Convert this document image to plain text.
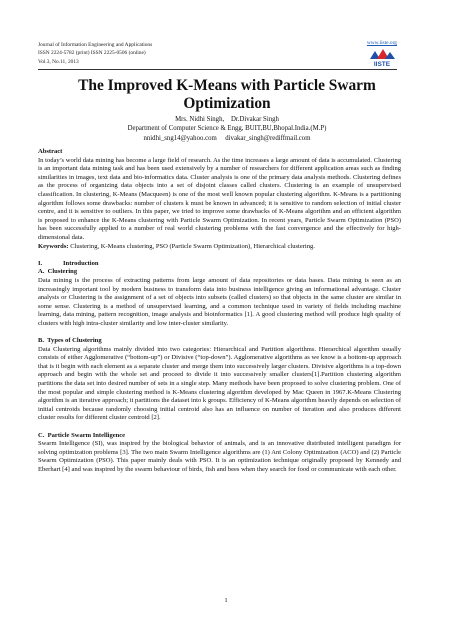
Journal of Information Engineering and Applications
ISSN 2224-5782 (print) ISSN 2225-0506 (online)
Vol.3, No.11, 2013
www.iiste.org
IISTE
The Improved K-Means with Particle Swarm
Optimization
Mrs. Nidhi Singh,    Dr.Divakar Singh
Department of Computer Science & Engg, BUIT,BU,Bhopal.India.(M.P)
nnidhi_sng14@yahoo.com     divakar_singh@rediffmail.com
Abstract

In today’s world data mining has become a large field of research. As the time increases a large amount of data is accumulated. Clustering is an important data mining task and has been used extensively by a number of researchers for different application areas such as finding similarities in images, text data and bio-informatics data. Cluster analysis is one of the primary data analysis methods. Clustering defines as the process of organizing data objects into a set of disjoint classes called clusters. Clustering is an example of unsupervised classification. In clustering, K-Means (Macqueen) is one of the most well known popular clustering algorithm. K-Means is a partitioning algorithm follows some drawbacks: number of clusters k must be known in advanced; it is sensitive to random selection of initial cluster centre, and it is sensitive to outliers. In this paper, we tried to improve some drawbacks of K-Means algorithm and an efficient algorithm is proposed to enhance the K-Means clustering with Particle Swarm Optimization. In recent years, Particle Swarm Optimization (PSO) has been successfully applied to a number of real world clustering problems with the fast convergence and the effectively for high-dimensional data.

Keywords: Clustering, K-Means clustering, PSO (Particle Swarm Optimization), Hierarchical clustering.

I.	Introduction
A.  Clustering

Data mining is the process of extracting patterns from large amount of data repositories or data bases. Data mining is seen as an increasingly important tool by modern business to transform data into business intelligence giving an informational advantage. Cluster analysis or Clustering is the assignment of a set of objects into subsets (called clusters) so that objects in the same cluster are similar in some sense. Clustering is a method of unsupervised learning, and a common technique used in variety of fields including machine learning, data mining, pattern recognition, image analysis and bioinformatics [1]. A good clustering method will produce high quality of clusters with high intra-cluster similarity and low inter-cluster similarity.

B.  Types of Clustering

Data Clustering algorithms mainly divided into two categories: Hierarchical and Partition algorithms. Hierarchical algorithm usually consists of either Agglomerative (“bottom-up”) or Divisive (“top-down”). Agglomerative algorithms as we know is a bottom-up approach that is it begin with each element as a separate cluster and merge them into successively larger clusters. Divisive algorithms is a top-down approach and begin with the whole set and proceed to divide it into successively smaller clusters[1].Partition clustering algorithm partitions the data set into desired number of sets in a single step. Many methods have been proposed to solve clustering problem. One of the most popular and simple clustering method is K-Means clustering algorithm developed by Mac Queen in 1967.K-Means Clustering algorithm is an iterative approach; it partitions the dataset into k groups. Efficiency of K-Means algorithm heavily depends on selection of initial centroids because randomly choosing initial centroid also has an influence on number of iteration and also produces different cluster results for different cluster centroid [2].

C.  Particle Swarm Intelligence

Swarm Intelligence (SI), was inspired by the biological behavior of animals, and is an innovative distributed intelligent paradigm for solving optimization problems [3]. The two main Swarm Intelligence algorithms are (1) Ant Colony Optimization (ACO) and (2) Particle Swarm Optimization (PSO). This paper mainly deals with PSO. It is an optimization technique originally proposed by Kennedy and Eberhart [4] and was inspired by the swarm behaviour of birds, fish and bees when they search for food or communicate with each other.

1
